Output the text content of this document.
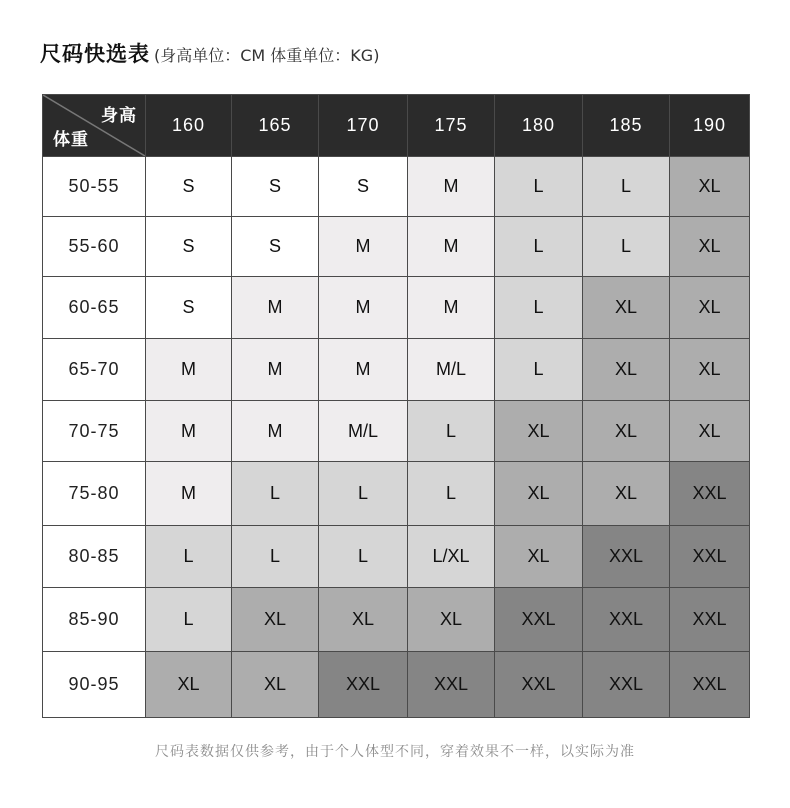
尺码快选表 (身高单位：CM 体重单位：KG)
身高
体重	160	165	170	175	180	185	190
50-55	S	S	S	M	L	L	XL
55-60	S	S	M	M	L	L	XL
60-65	S	M	M	M	L	XL	XL
65-70	M	M	M	M/L	L	XL	XL
70-75	M	M	M/L	L	XL	XL	XL
75-80	M	L	L	L	XL	XL	XXL
80-85	L	L	L	L/XL	XL	XXL	XXL
85-90	L	XL	XL	XL	XXL	XXL	XXL
90-95	XL	XL	XXL	XXL	XXL	XXL	XXL
尺码表数据仅供参考，由于个人体型不同，穿着效果不一样，以实际为准
